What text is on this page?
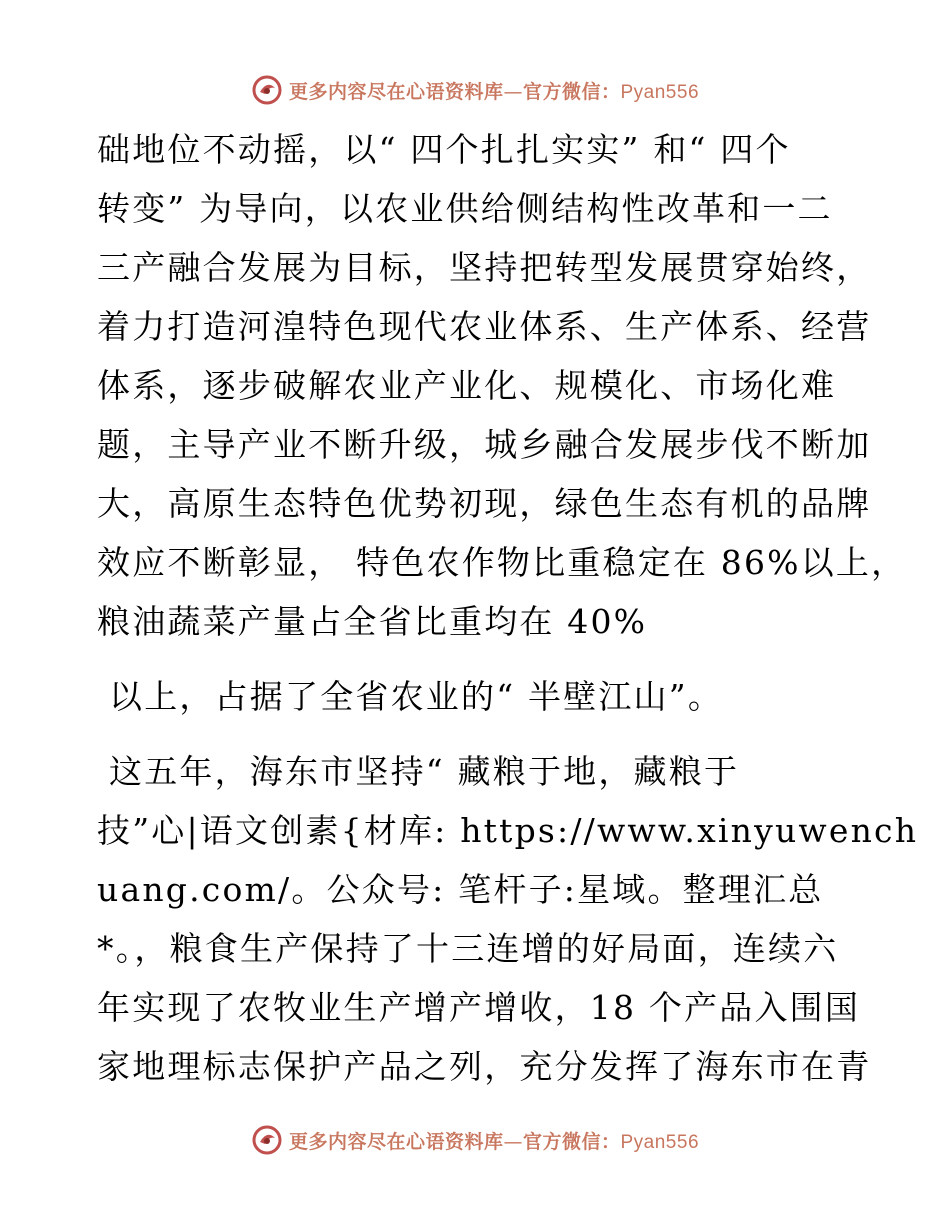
更多内容尽在心语资料库—官方微信：Pyan556
础地位不动摇，以“ 四个扎扎实实” 和“ 四个
转变” 为导向，以农业供给侧结构性改革和一二
三产融合发展为目标，坚持把转型发展贯穿始终，
着力打造河湟特色现代农业体系、生产体系、经营
体系，逐步破解农业产业化、规模化、市场化难
题，主导产业不断升级，城乡融合发展步伐不断加
大，高原生态特色优势初现，绿色生态有机的品牌
效应不断彰显， 特色农作物比重稳定在 86%以上，
粮油蔬菜产量占全省比重均在 40%
以上，占据了全省农业的“ 半壁江山”。
这五年，海东市坚持“ 藏粮于地，藏粮于
技”心|语文创素{材库: https://www.xinyuwench
uang.com/。公众号: 笔杆子:星域。整理汇总
*。，粮食生产保持了十三连增的好局面，连续六
年实现了农牧业生产增产增收，18 个产品入围国
家地理标志保护产品之列，充分发挥了海东市在青
更多内容尽在心语资料库—官方微信：Pyan556
